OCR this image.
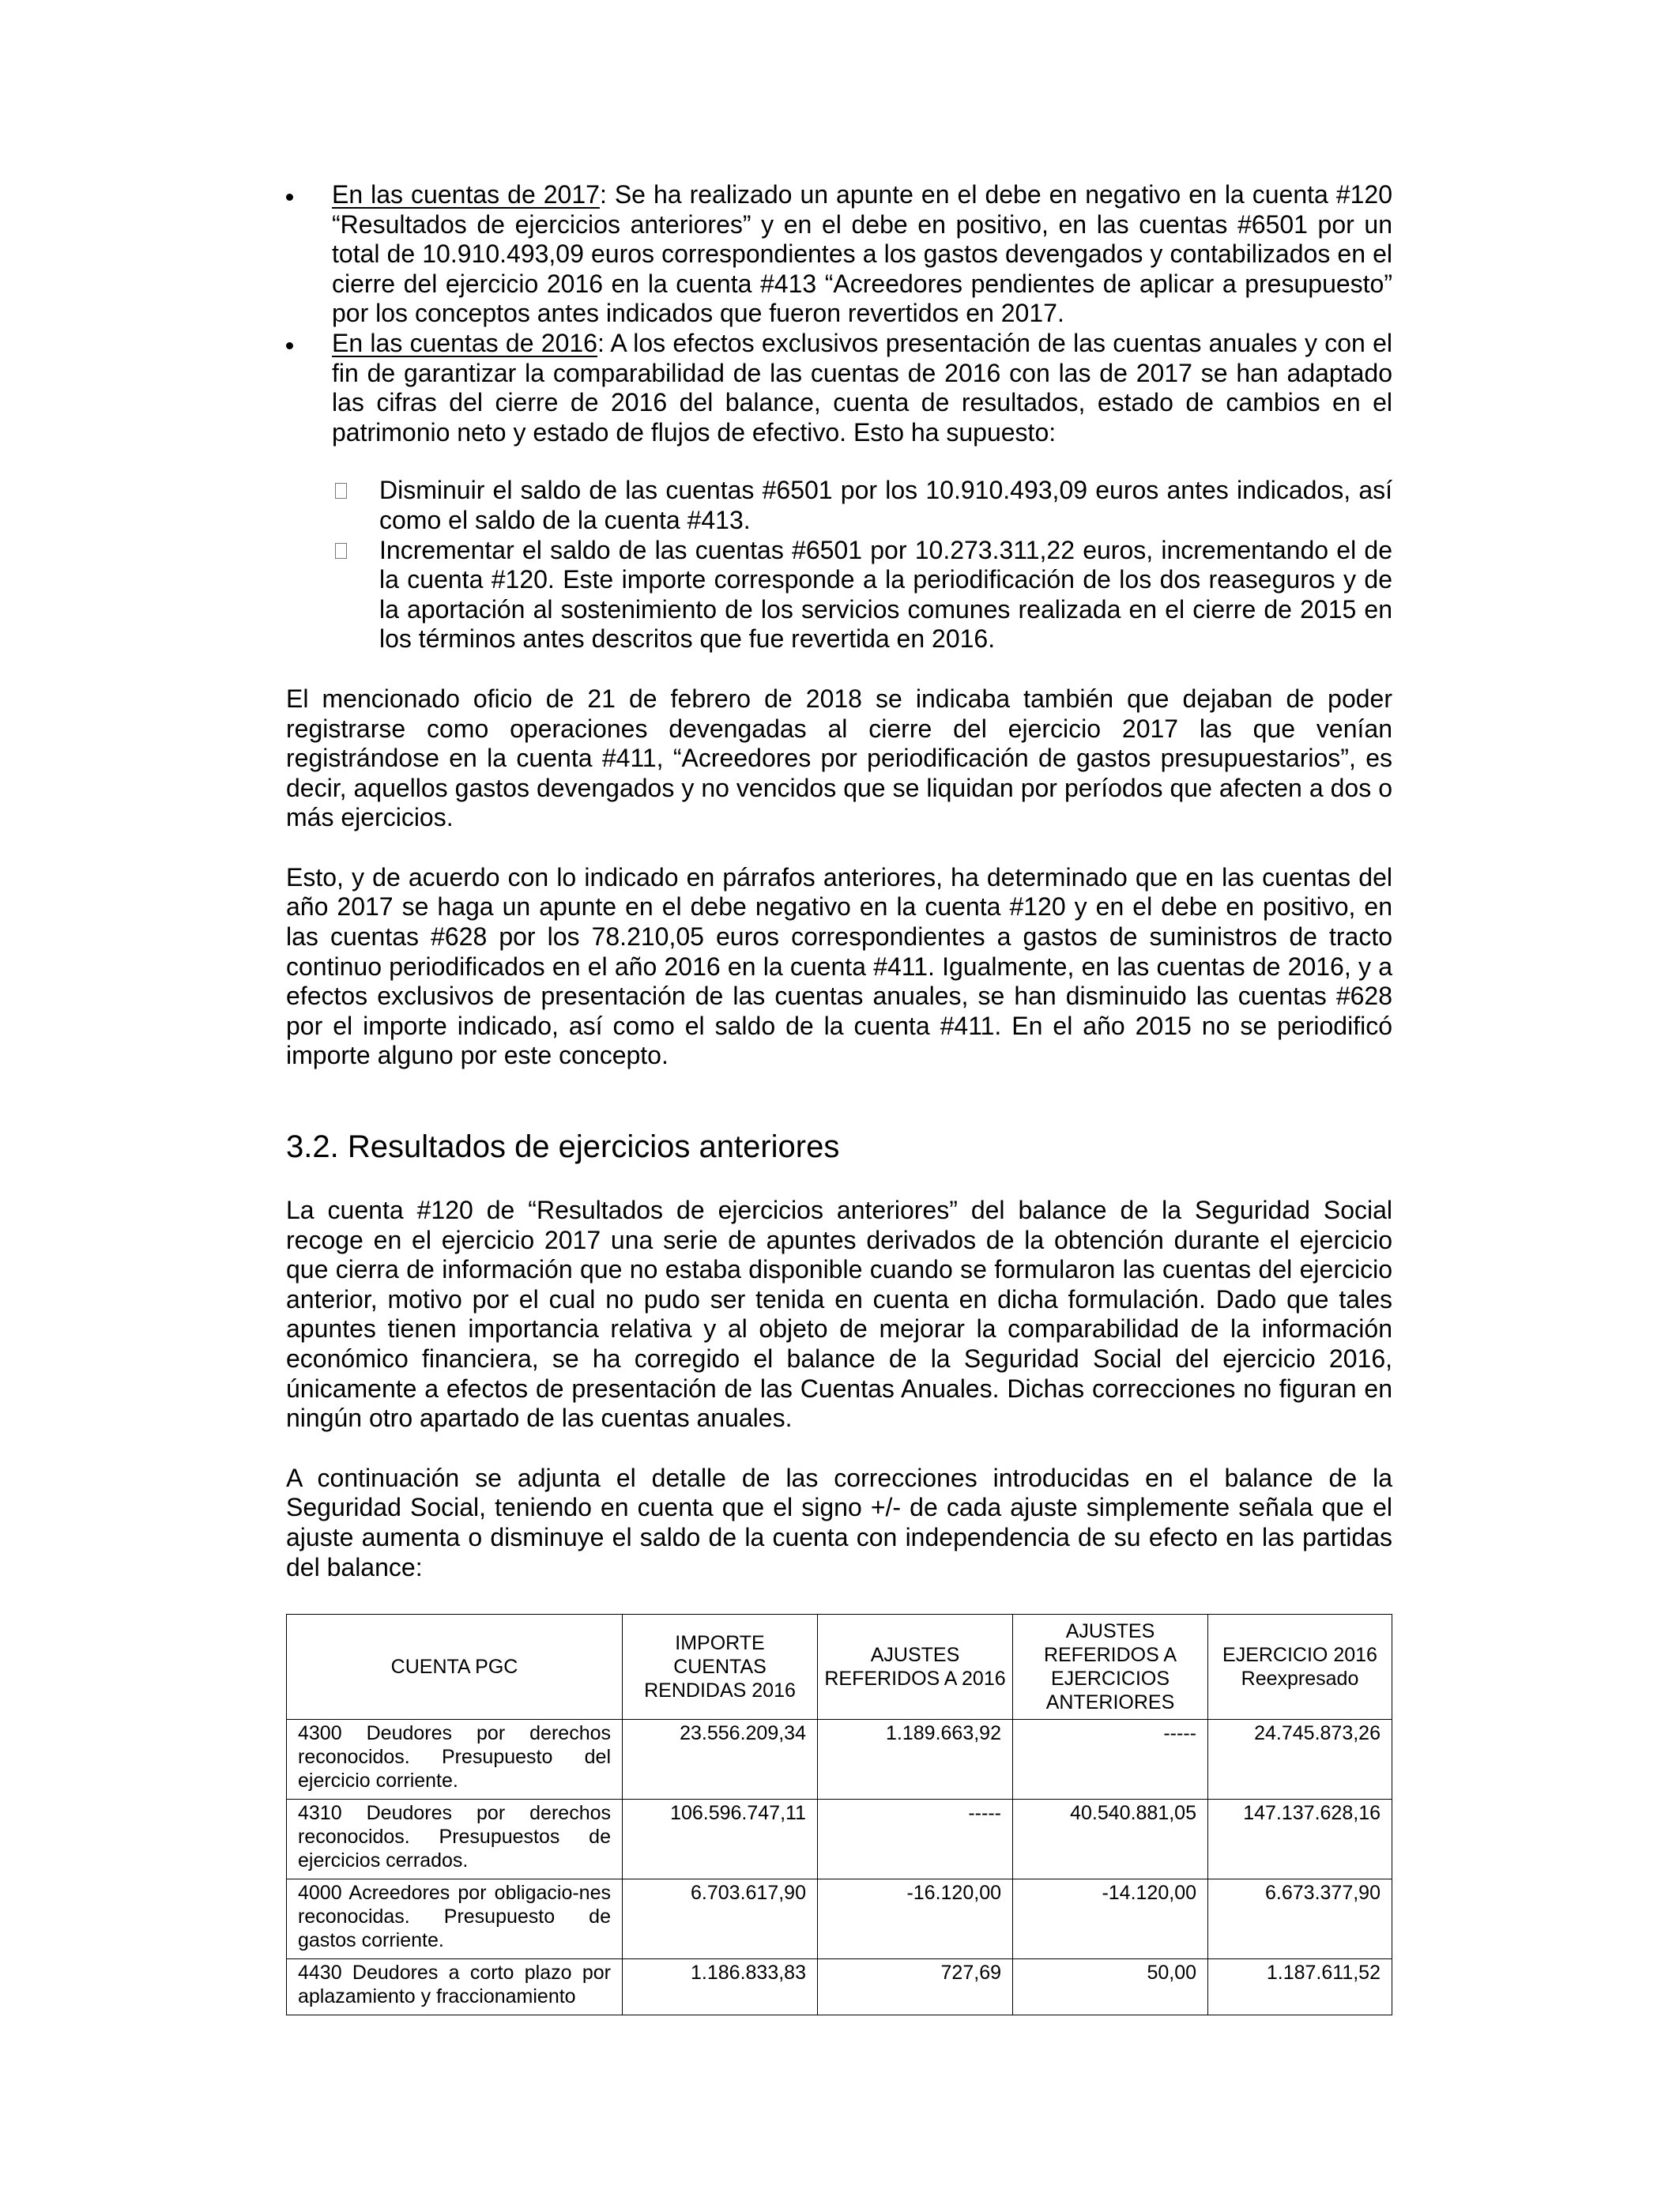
En las cuentas de 2017: Se ha realizado un apunte en el debe en negativo en la cuenta #120 “Resultados de ejercicios anteriores” y en el debe en positivo, en las cuentas #6501 por un total de 10.910.493,09 euros correspondientes a los gastos devengados y contabilizados en el cierre del ejercicio 2016 en la cuenta #413 “Acreedores pendientes de aplicar a presupuesto” por los conceptos antes indicados que fueron revertidos en 2017.
En las cuentas de 2016: A los efectos exclusivos presentación de las cuentas anuales y con el fin de garantizar la comparabilidad de las cuentas de 2016 con las de 2017 se han adaptado las cifras del cierre de 2016 del balance, cuenta de resultados, estado de cambios en el patrimonio neto y estado de flujos de efectivo. Esto ha supuesto:
Disminuir el saldo de las cuentas #6501 por los 10.910.493,09 euros antes indicados, así como el saldo de la cuenta #413.
Incrementar el saldo de las cuentas #6501 por 10.273.311,22 euros, incrementando el de la cuenta #120. Este importe corresponde a la periodificación de los dos reaseguros y de la aportación al sostenimiento de los servicios comunes realizada en el cierre de 2015 en los términos antes descritos que fue revertida en 2016.

El mencionado oficio de 21 de febrero de 2018 se indicaba también que dejaban de poder registrarse como operaciones devengadas al cierre del ejercicio 2017 las que venían registrándose en la cuenta #411, “Acreedores por periodificación de gastos presupuestarios”, es decir, aquellos gastos devengados y no vencidos que se liquidan por períodos que afecten a dos o más ejercicios.

Esto, y de acuerdo con lo indicado en párrafos anteriores, ha determinado que en las cuentas del año 2017 se haga un apunte en el debe negativo en la cuenta #120 y en el debe en positivo, en las cuentas #628 por los 78.210,05 euros correspondientes a gastos de suministros de tracto continuo periodificados en el año 2016 en la cuenta #411. Igualmente, en las cuentas de 2016, y a efectos exclusivos de presentación de las cuentas anuales, se han disminuido las cuentas #628 por el importe indicado, así como el saldo de la cuenta #411. En el año 2015 no se periodificó importe alguno por este concepto.

3.2. Resultados de ejercicios anteriores

La cuenta #120 de “Resultados de ejercicios anteriores” del balance de la Seguridad Social recoge en el ejercicio 2017 una serie de apuntes derivados de la obtención durante el ejercicio que cierra de información que no estaba disponible cuando se formularon las cuentas del ejercicio anterior, motivo por el cual no pudo ser tenida en cuenta en dicha formulación. Dado que tales apuntes tienen importancia relativa y al objeto de mejorar la comparabilidad de la información económico financiera, se ha corregido el balance de la Seguridad Social del ejercicio 2016, únicamente a efectos de presentación de las Cuentas Anuales. Dichas correcciones no figuran en ningún otro apartado de las cuentas anuales.

A continuación se adjunta el detalle de las correcciones introducidas en el balance de la Seguridad Social, teniendo en cuenta que el signo +/- de cada ajuste simplemente señala que el ajuste aumenta o disminuye el saldo de la cuenta con independencia de su efecto en las partidas del balance:

CUENTA PGC	IMPORTE CUENTAS RENDIDAS 2016	AJUSTES REFERIDOS A 2016	AJUSTES REFERIDOS A EJERCICIOS ANTERIORES	EJERCICIO 2016 Reexpresado
4300 Deudores por derechos reconocidos. Presupuesto del ejercicio corriente.	23.556.209,34	1.189.663,92	-----	24.745.873,26
4310 Deudores por derechos reconocidos. Presupuestos de ejercicios cerrados.	106.596.747,11	-----	40.540.881,05	147.137.628,16
4000 Acreedores por obligacio-nes reconocidas. Presupuesto de gastos corriente.	6.703.617,90	-16.120,00	-14.120,00	6.673.377,90
4430 Deudores a corto plazo por aplazamiento y fraccionamiento	1.186.833,83	727,69	50,00	1.187.611,52
